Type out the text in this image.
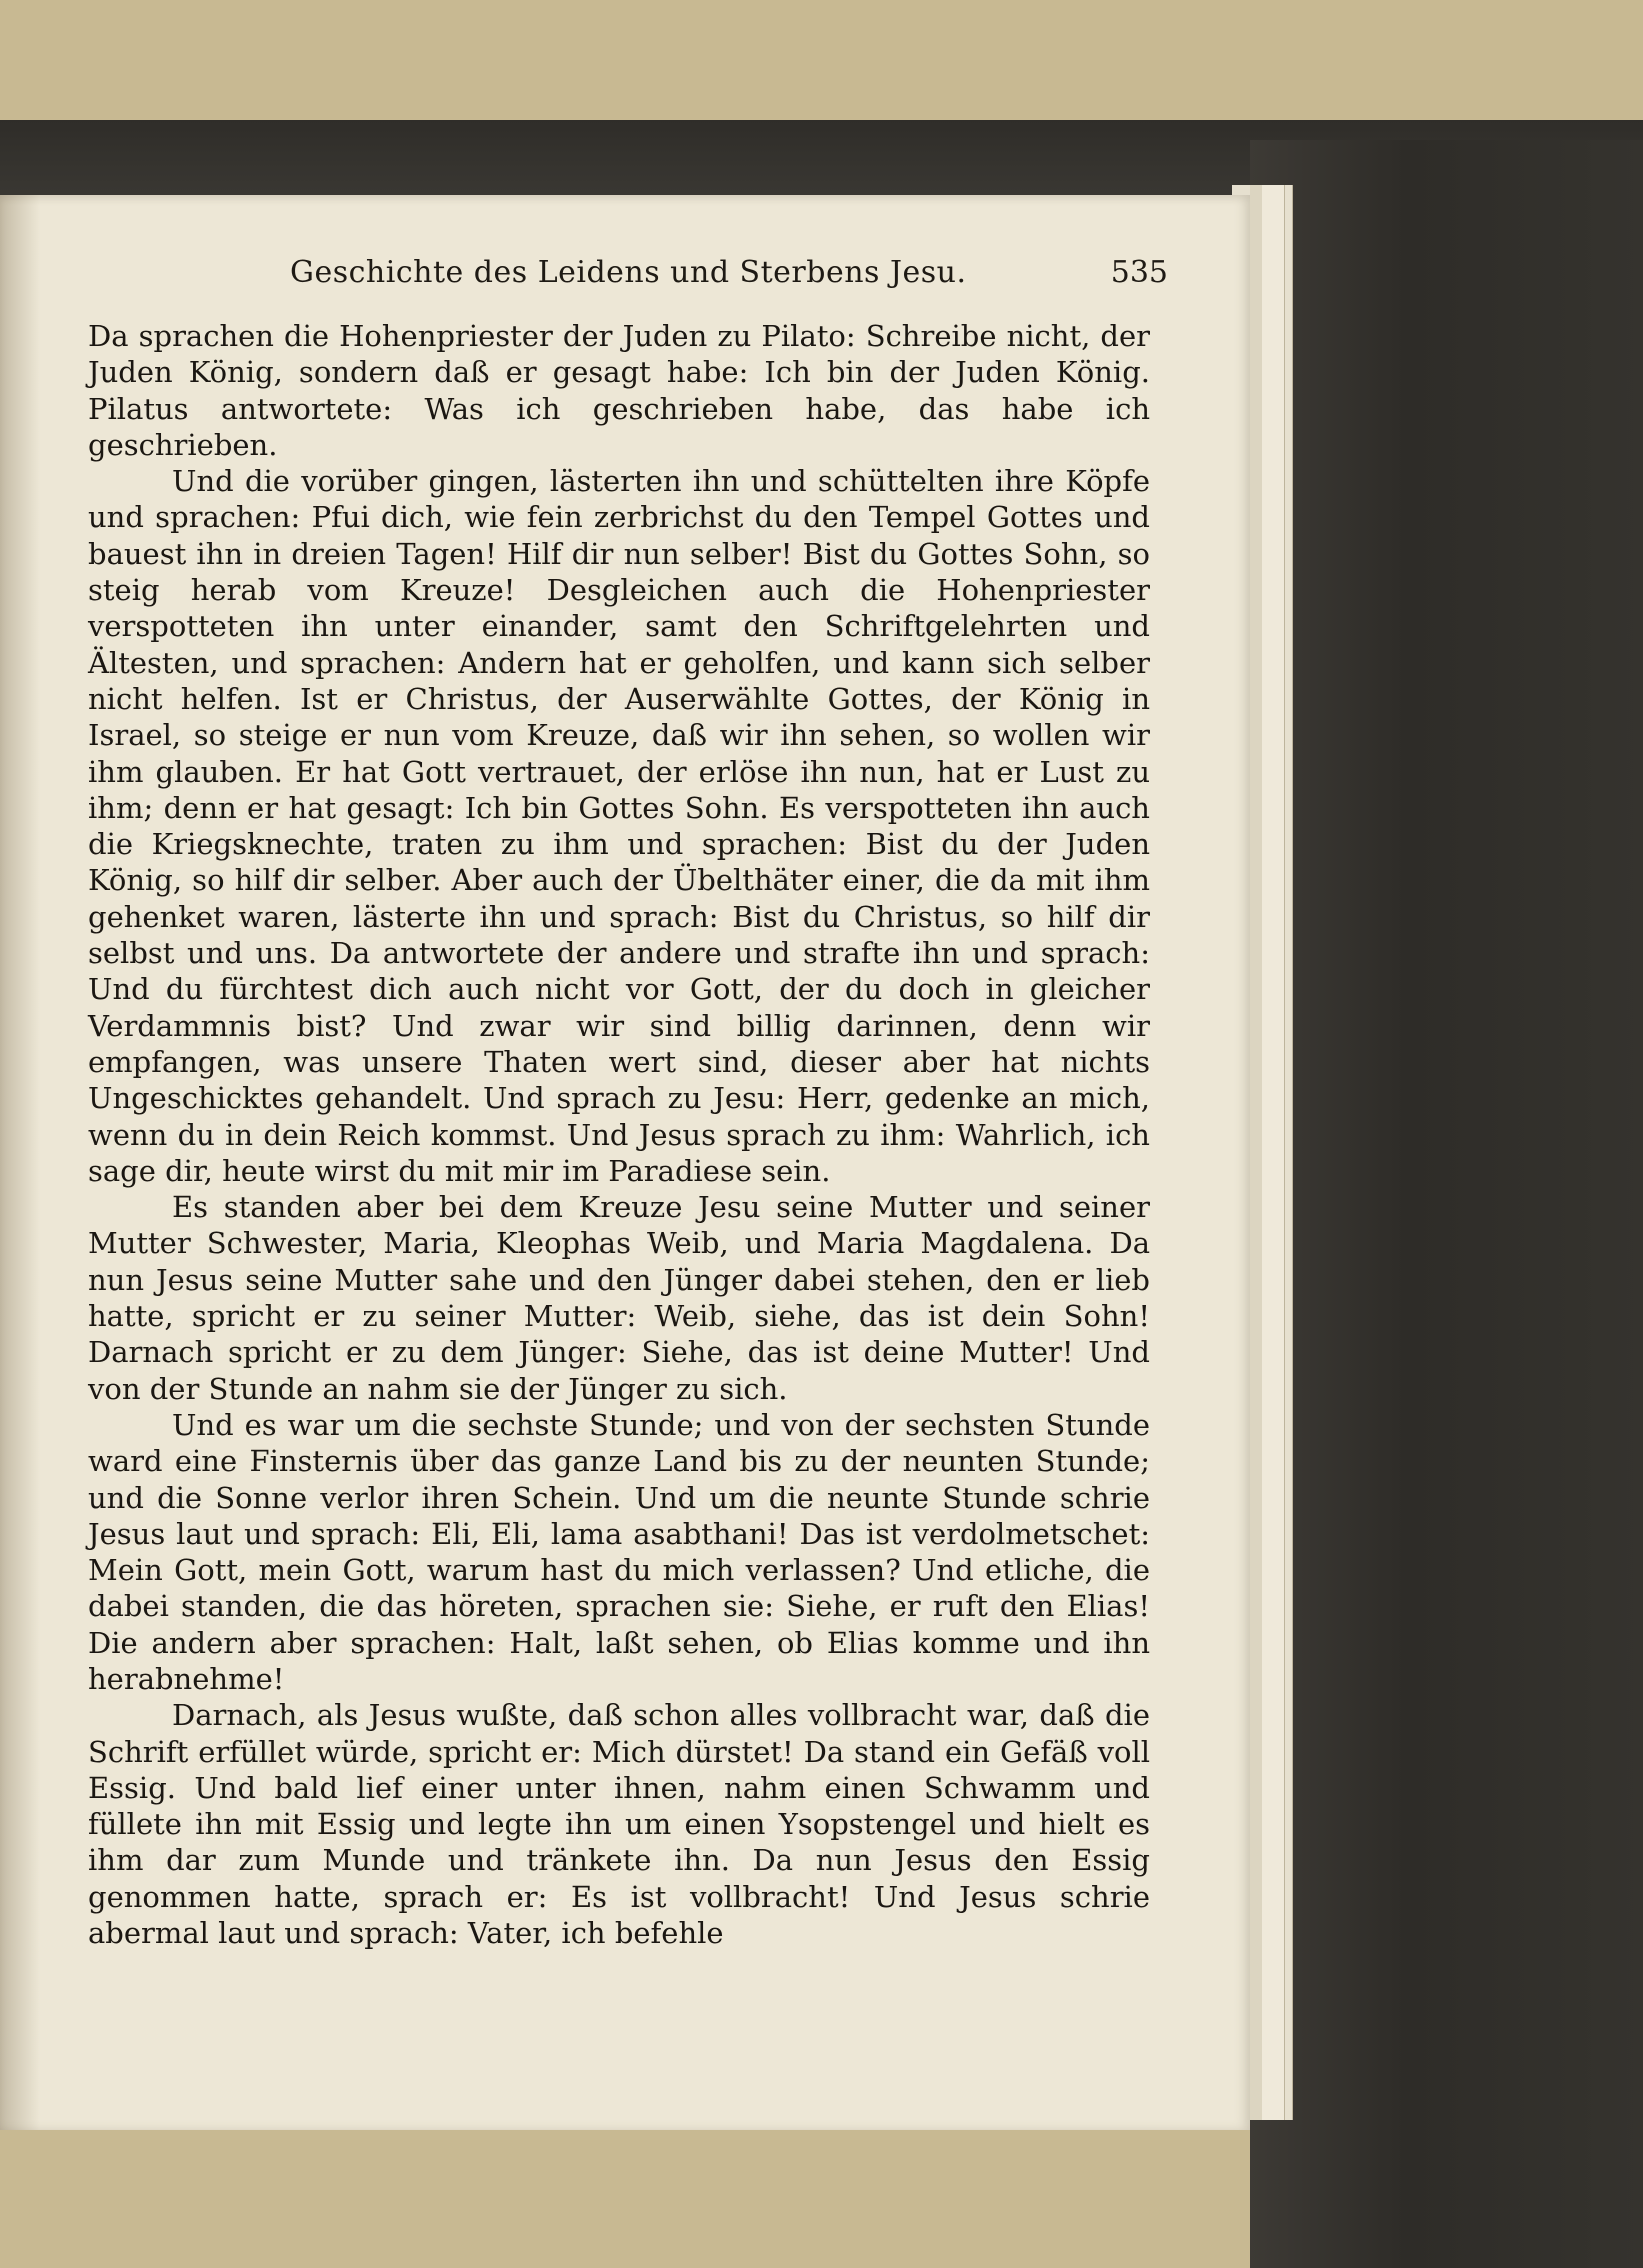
Geschichte des Leidens und Sterbens Jesu.	535

Da sprachen die Hohenpriester der Juden zu Pilato: Schreibe nicht, der Juden König, sondern daß er gesagt habe: Ich bin der Juden König. Pilatus antwortete: Was ich geschrieben habe, das habe ich geschrieben.

Und die vorüber gingen, lästerten ihn und schüttelten ihre Köpfe und sprachen: Pfui dich, wie fein zerbrichst du den Tempel Gottes und bauest ihn in dreien Tagen! Hilf dir nun selber! Bist du Gottes Sohn, so steig herab vom Kreuze! Desgleichen auch die Hohenpriester verspotteten ihn unter einander, samt den Schriftgelehrten und Ältesten, und sprachen: Andern hat er geholfen, und kann sich selber nicht helfen. Ist er Christus, der Auserwählte Gottes, der König in Israel, so steige er nun vom Kreuze, daß wir ihn sehen, so wollen wir ihm glauben. Er hat Gott vertrauet, der erlöse ihn nun, hat er Lust zu ihm; denn er hat gesagt: Ich bin Gottes Sohn. Es verspotteten ihn auch die Kriegsknechte, traten zu ihm und sprachen: Bist du der Juden König, so hilf dir selber. Aber auch der Übelthäter einer, die da mit ihm gehenket waren, lästerte ihn und sprach: Bist du Christus, so hilf dir selbst und uns. Da antwortete der andere und strafte ihn und sprach: Und du fürchtest dich auch nicht vor Gott, der du doch in gleicher Verdammnis bist? Und zwar wir sind billig darinnen, denn wir empfangen, was unsere Thaten wert sind, dieser aber hat nichts Ungeschicktes gehandelt. Und sprach zu Jesu: Herr, gedenke an mich, wenn du in dein Reich kommst. Und Jesus sprach zu ihm: Wahrlich, ich sage dir, heute wirst du mit mir im Paradiese sein.

Es standen aber bei dem Kreuze Jesu seine Mutter und seiner Mutter Schwester, Maria, Kleophas Weib, und Maria Magdalena. Da nun Jesus seine Mutter sahe und den Jünger dabei stehen, den er lieb hatte, spricht er zu seiner Mutter: Weib, siehe, das ist dein Sohn! Darnach spricht er zu dem Jünger: Siehe, das ist deine Mutter! Und von der Stunde an nahm sie der Jünger zu sich.

Und es war um die sechste Stunde; und von der sechsten Stunde ward eine Finsternis über das ganze Land bis zu der neunten Stunde; und die Sonne verlor ihren Schein. Und um die neunte Stunde schrie Jesus laut und sprach: Eli, Eli, lama asabthani! Das ist verdolmetschet: Mein Gott, mein Gott, warum hast du mich verlassen? Und etliche, die dabei standen, die das höreten, sprachen sie: Siehe, er ruft den Elias! Die andern aber sprachen: Halt, laßt sehen, ob Elias komme und ihn herabnehme!

Darnach, als Jesus wußte, daß schon alles vollbracht war, daß die Schrift erfüllet würde, spricht er: Mich dürstet! Da stand ein Gefäß voll Essig. Und bald lief einer unter ihnen, nahm einen Schwamm und füllete ihn mit Essig und legte ihn um einen Ysopstengel und hielt es ihm dar zum Munde und tränkete ihn. Da nun Jesus den Essig genommen hatte, sprach er: Es ist vollbracht! Und Jesus schrie abermal laut und sprach: Vater, ich befehle
